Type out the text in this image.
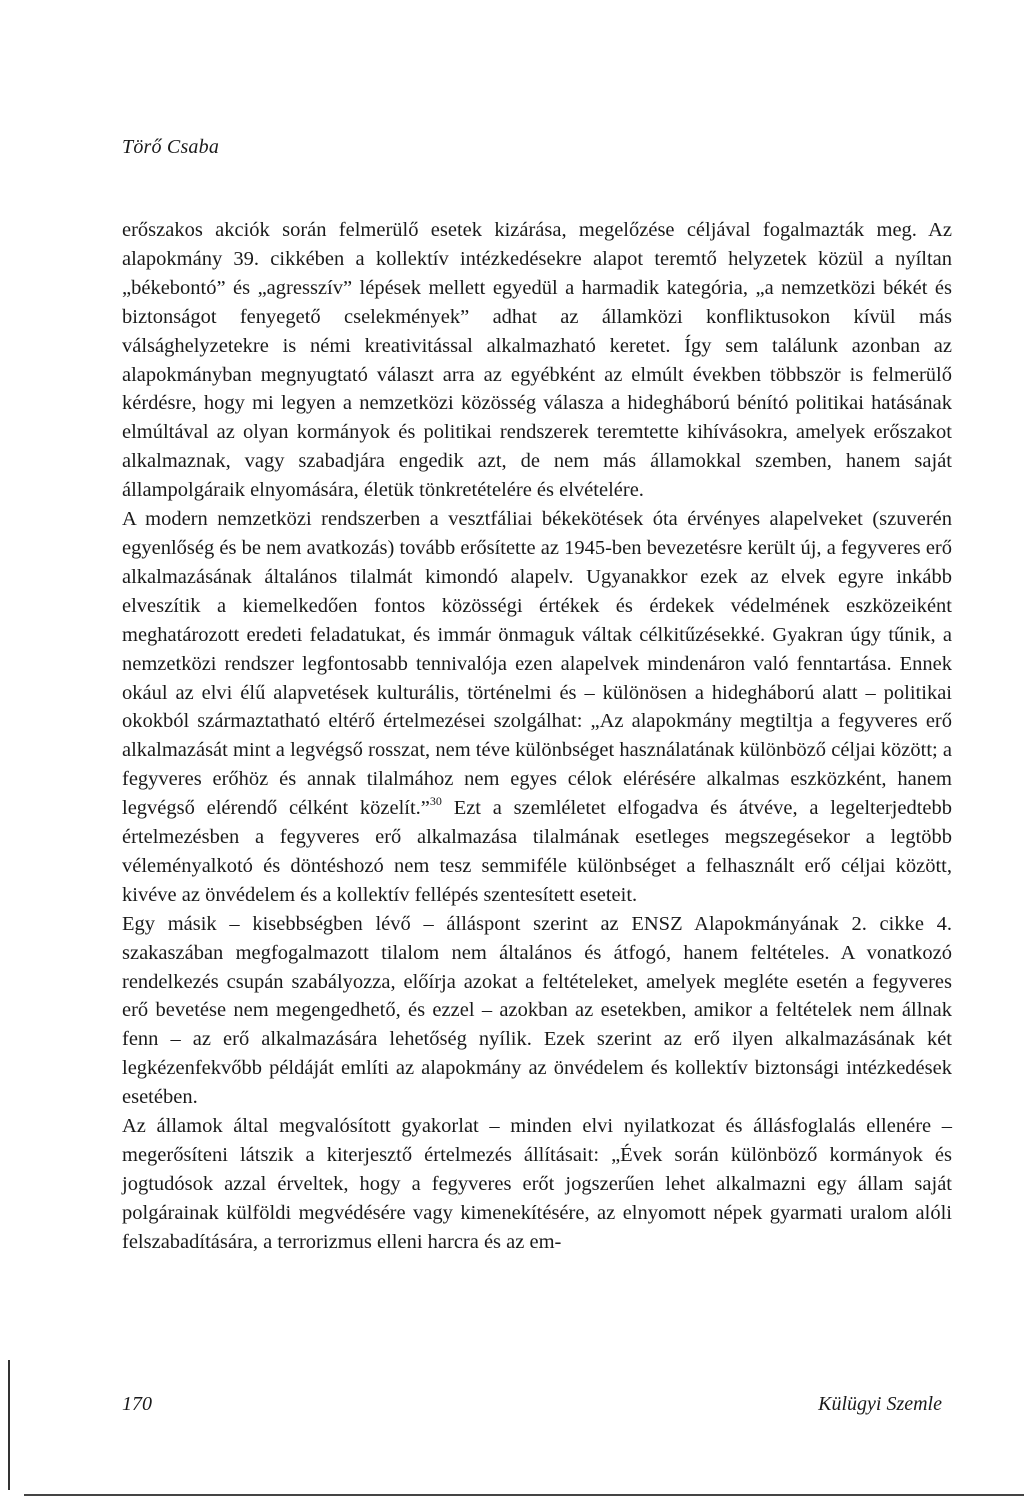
Törő Csaba

erőszakos akciók során felmerülő esetek kizárása, megelőzése céljával fogalmazták meg. Az alapokmány 39. cikkében a kollektív intézkedésekre alapot teremtő helyzetek közül a nyíltan „békebontó” és „agresszív” lépések mellett egyedül a harmadik kategória, „a nemzetközi békét és biztonságot fenyegető cselekmények” adhat az államközi konfliktusokon kívül más válsághelyzetekre is némi kreativitással alkalmazható keretet. Így sem találunk azonban az alapokmányban megnyugtató választ arra az egyébként az elmúlt években többször is felmerülő kérdésre, hogy mi legyen a nemzetközi közösség válasza a hidegháború bénító politikai hatásának elmúltával az olyan kormányok és politikai rendszerek teremtette kihívásokra, amelyek erőszakot alkalmaznak, vagy szabadjára engedik azt, de nem más államokkal szemben, hanem saját állampolgáraik elnyomására, életük tönkretételére és elvételére.

A modern nemzetközi rendszerben a vesztfáliai békekötések óta érvényes alapelveket (szuverén egyenlőség és be nem avatkozás) tovább erősítette az 1945-ben bevezetésre került új, a fegyveres erő alkalmazásának általános tilalmát kimondó alapelv. Ugyanakkor ezek az elvek egyre inkább elveszítik a kiemelkedően fontos közösségi értékek és érdekek védelmének eszközeiként meghatározott eredeti feladatukat, és immár önmaguk váltak célkitűzésekké. Gyakran úgy tűnik, a nemzetközi rendszer legfontosabb tennivalója ezen alapelvek mindenáron való fenntartása. Ennek okául az elvi élű alapvetések kulturális, történelmi és – különösen a hidegháború alatt – politikai okokból származtatható eltérő értelmezései szolgálhat: „Az alapokmány megtiltja a fegyveres erő alkalmazását mint a legvégső rosszat, nem téve különbséget használatának különböző céljai között; a fegyveres erőhöz és annak tilalmához nem egyes célok elérésére alkalmas eszközként, hanem legvégső elérendő célként közelít.”$^{30}$ Ezt a szemléletet elfogadva és átvéve, a legelterjedtebb értelmezésben a fegyveres erő alkalmazása tilalmának esetleges megszegésekor a legtöbb véleményalkotó és döntéshozó nem tesz semmiféle különbséget a felhasznált erő céljai között, kivéve az önvédelem és a kollektív fellépés szentesített eseteit.

Egy másik – kisebbségben lévő – álláspont szerint az ENSZ Alapokmányának 2. cikke 4. szakaszában megfogalmazott tilalom nem általános és átfogó, hanem feltételes. A vonatkozó rendelkezés csupán szabályozza, előírja azokat a feltételeket, amelyek megléte esetén a fegyveres erő bevetése nem megengedhető, és ezzel – azokban az esetekben, amikor a feltételek nem állnak fenn – az erő alkalmazására lehetőség nyílik. Ezek szerint az erő ilyen alkalmazásának két legkézenfekvőbb példáját említi az alapokmány az önvédelem és kollektív biztonsági intézkedések esetében.

Az államok által megvalósított gyakorlat – minden elvi nyilatkozat és állásfoglalás ellenére – megerősíteni látszik a kiterjesztő értelmezés állításait: „Évek során különböző kormányok és jogtudósok azzal érveltek, hogy a fegyveres erőt jogszerűen lehet alkalmazni egy állam saját polgárainak külföldi megvédésére vagy kimenekítésére, az elnyomott népek gyarmati uralom alóli felszabadítására, a terrorizmus elleni harcra és az em-

170	Külügyi Szemle
